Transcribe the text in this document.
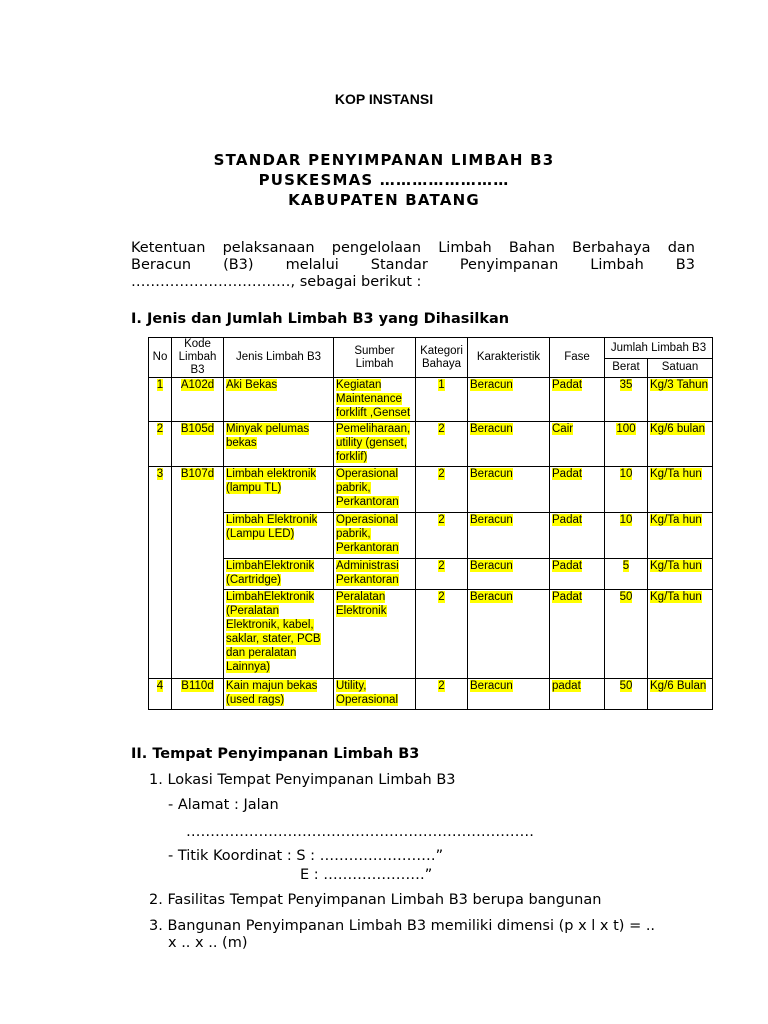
KOP INSTANSI
STANDAR PENYIMPANAN LIMBAH B3
PUSKESMAS ……………………
KABUPATEN BATANG
Ketentuan pelaksanaan pengelolaan Limbah Bahan Berbahaya dan
Beracun (B3) melalui Standar Penyimpanan Limbah B3
……………………………, sebagai berikut :
I. Jenis dan Jumlah Limbah B3 yang Dihasilkan
No	Kode Limbah B3	Jenis Limbah B3	Sumber Limbah	Kategori Bahaya	Karakteristik	Fase	Jumlah Limbah B3	
							Berat	Satuan
1	A102d	Aki Bekas	Kegiatan Maintenance forklift ,Genset	1	Beracun	Padat	35	Kg/3 Tahun
2	B105d	Minyak pelumas bekas	Pemeliharaan, utility (genset, forklif)	2	Beracun	Cair	100	Kg/6 bulan
3	B107d	Limbah elektronik (lampu TL)	Operasional pabrik, Perkantoran	2	Beracun	Padat	10	Kg/Ta hun
		Limbah Elektronik (Lampu LED)	Operasional pabrik, Perkantoran	2	Beracun	Padat	10	Kg/Ta hun
		LimbahElektronik (Cartridge)	Administrasi Perkantoran	2	Beracun	Padat	5	Kg/Ta hun
		LimbahElektronik (Peralatan Elektronik, kabel, saklar, stater, PCB dan peralatan Lainnya)	Peralatan Elektronik	2	Beracun	Padat	50	Kg/Ta hun
4	B110d	Kain majun bekas (used rags)	Utility, Operasional	2	Beracun	padat	50	Kg/6 Bulan
II. Tempat Penyimpanan Limbah B3
1. Lokasi Tempat Penyimpanan Limbah B3
- Alamat : Jalan
………………………………………………………………
- Titik Koordinat : S : ……………………”
E : …………………”
2. Fasilitas Tempat Penyimpanan Limbah B3 berupa bangunan
3. Bangunan Penyimpanan Limbah B3 memiliki dimensi (p x l x t) = ..
x .. x .. (m)
